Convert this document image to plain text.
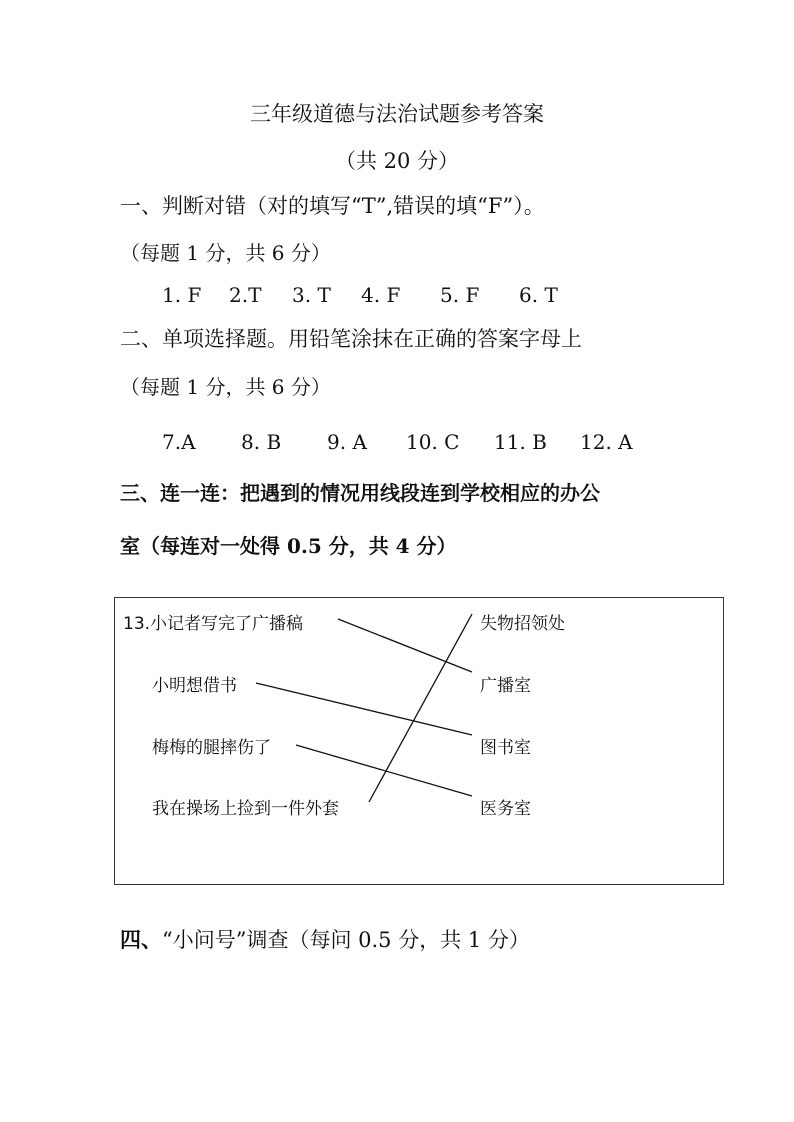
三年级道德与法治试题参考答案
（共 20 分）
一、判断对错（对的填写“T”,错误的填“F”）。
（每题 1 分，共 6 分）
1. F 2.T 3. T 4. F 5. F 6. T
二、单项选择题。用铅笔涂抹在正确的答案字母上
（每题 1 分，共 6 分）
7.A 8. B 9. A 10. C 11. B 12. A
三、连一连：把遇到的情况用线段连到学校相应的办公
室（每连对一处得 0.5 分，共 4 分）
13.小记者写完了广播稿
小明想借书
梅梅的腿摔伤了
我在操场上捡到一件外套
失物招领处
广播室
图书室
医务室
四、“小问号”调查（每问 0.5 分，共 1 分）
